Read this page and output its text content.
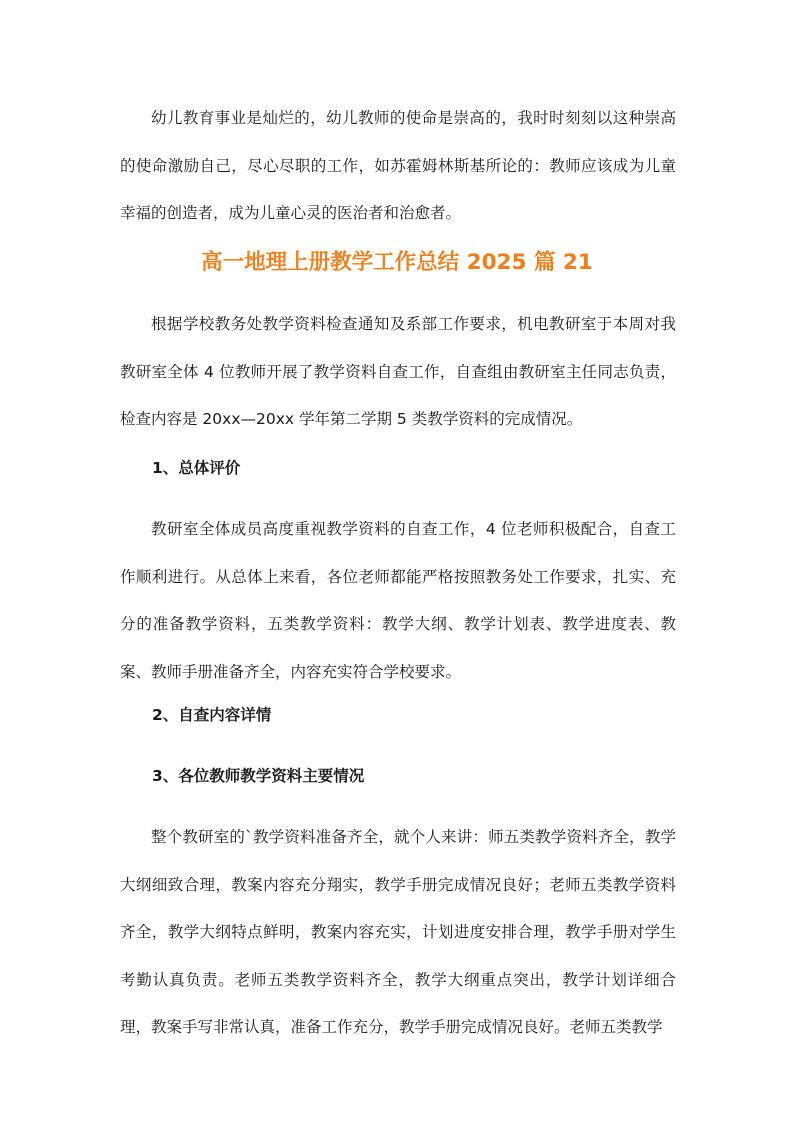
幼儿教育事业是灿烂的，幼儿教师的使命是崇高的，我时时刻刻以这种崇高的使命激励自己，尽心尽职的工作，如苏霍姆林斯基所论的：教师应该成为儿童幸福的创造者，成为儿童心灵的医治者和治愈者。

高一地理上册教学工作总结 2025 篇 21

根据学校教务处教学资料检查通知及系部工作要求，机电教研室于本周对我教研室全体 4 位教师开展了教学资料自查工作，自查组由教研室主任同志负责，检查内容是 20xx—20xx 学年第二学期 5 类教学资料的完成情况。

1、总体评价

教研室全体成员高度重视教学资料的自查工作，4 位老师积极配合，自查工作顺利进行。从总体上来看，各位老师都能严格按照教务处工作要求，扎实、充分的准备教学资料，五类教学资料：教学大纲、教学计划表、教学进度表、教案、教师手册准备齐全，内容充实符合学校要求。

2、自查内容详情
3、各位教师教学资料主要情况

整个教研室的`教学资料准备齐全，就个人来讲：师五类教学资料齐全，教学大纲细致合理，教案内容充分翔实，教学手册完成情况良好；老师五类教学资料齐全，教学大纲特点鲜明，教案内容充实，计划进度安排合理，教学手册对学生考勤认真负责。老师五类教学资料齐全，教学大纲重点突出，教学计划详细合理，教案手写非常认真，准备工作充分，教学手册完成情况良好。老师五类教学
